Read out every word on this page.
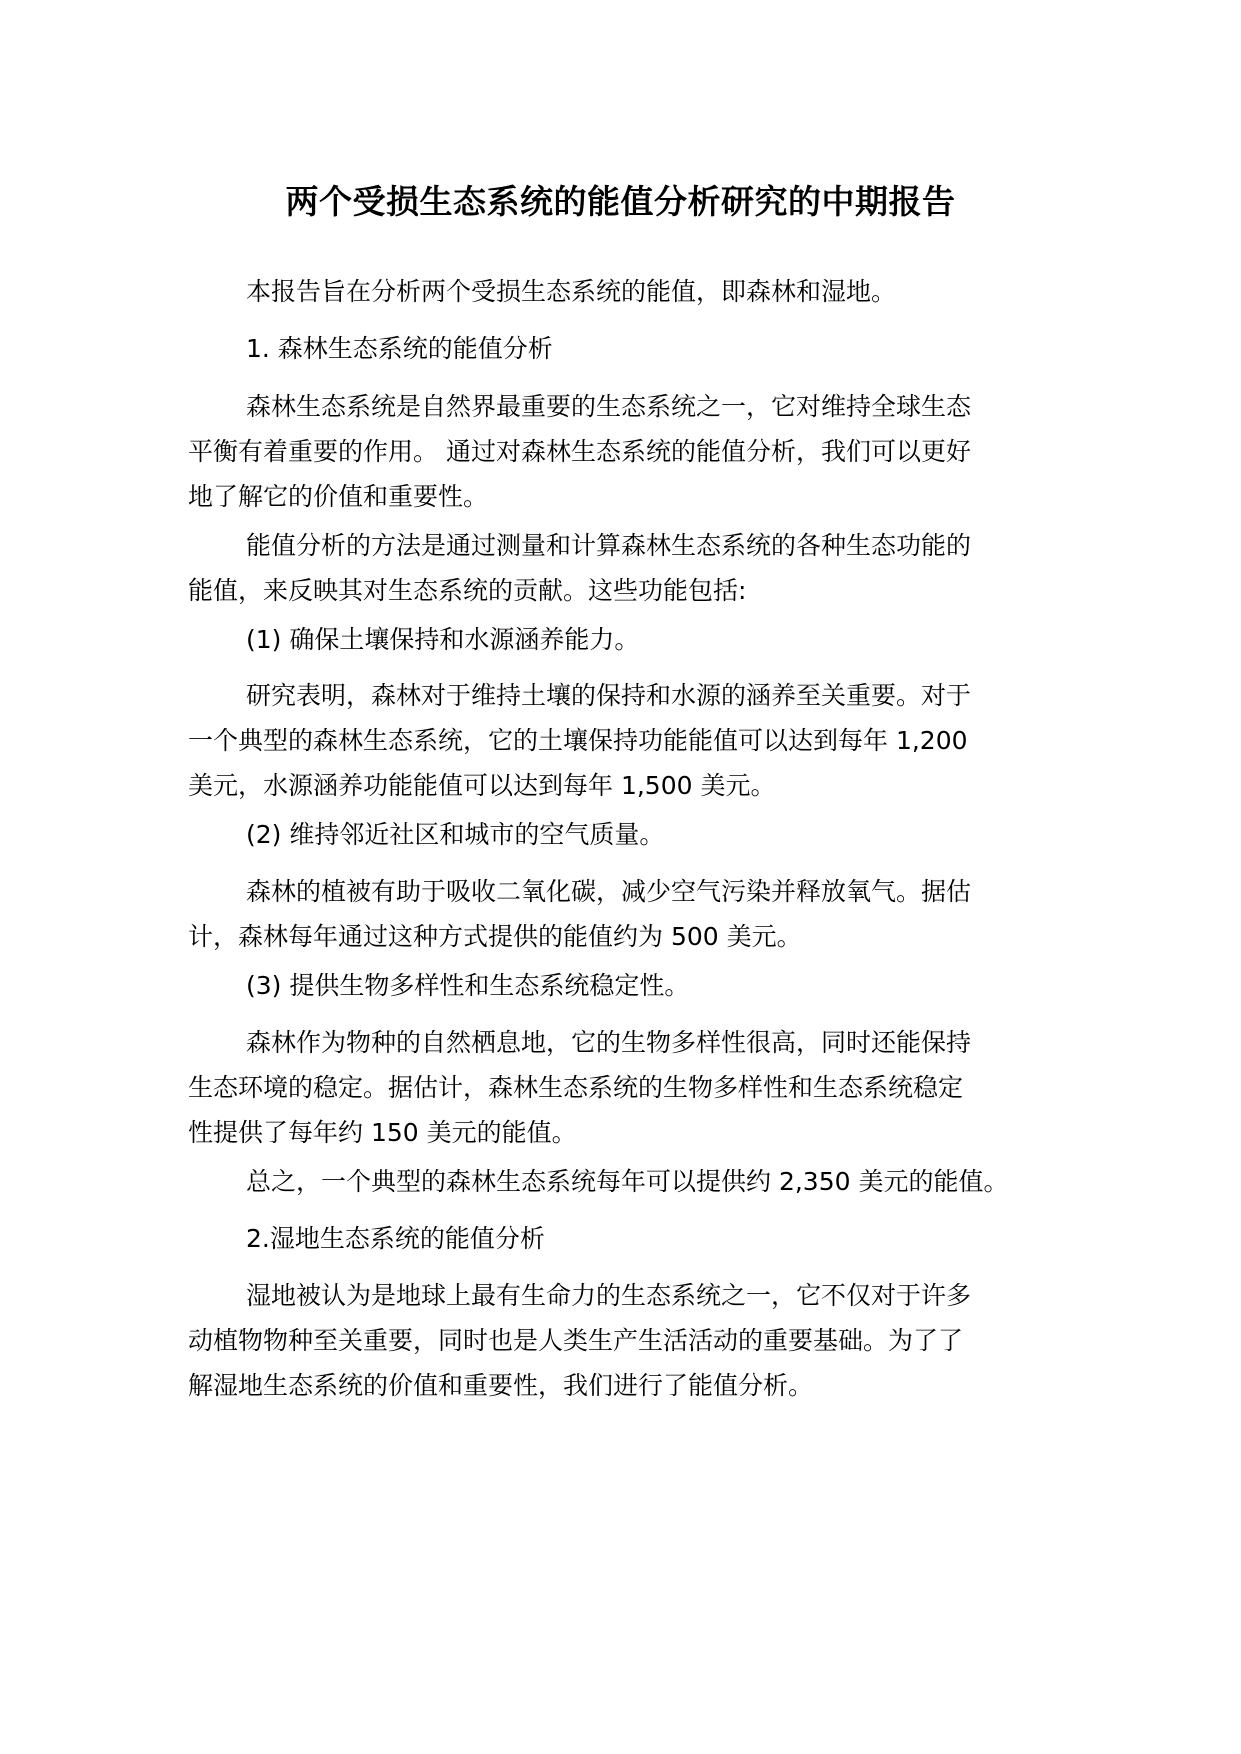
两个受损生态系统的能值分析研究的中期报告
本报告旨在分析两个受损生态系统的能值，即森林和湿地。
1. 森林生态系统的能值分析
森林生态系统是自然界最重要的生态系统之一，它对维持全球生态
平衡有着重要的作用。 通过对森林生态系统的能值分析，我们可以更好
地了解它的价值和重要性。
能值分析的方法是通过测量和计算森林生态系统的各种生态功能的
能值，来反映其对生态系统的贡献。这些功能包括:
(1) 确保土壤保持和水源涵养能力。
研究表明，森林对于维持土壤的保持和水源的涵养至关重要。对于
一个典型的森林生态系统，它的土壤保持功能能值可以达到每年 1,200
美元，水源涵养功能能值可以达到每年 1,500 美元。
(2) 维持邻近社区和城市的空气质量。
森林的植被有助于吸收二氧化碳，减少空气污染并释放氧气。据估
计，森林每年通过这种方式提供的能值约为 500 美元。
(3) 提供生物多样性和生态系统稳定性。
森林作为物种的自然栖息地，它的生物多样性很高，同时还能保持
生态环境的稳定。据估计，森林生态系统的生物多样性和生态系统稳定
性提供了每年约 150 美元的能值。
总之，一个典型的森林生态系统每年可以提供约 2,350 美元的能值。
2.湿地生态系统的能值分析
湿地被认为是地球上最有生命力的生态系统之一，它不仅对于许多
动植物物种至关重要，同时也是人类生产生活活动的重要基础。为了了
解湿地生态系统的价值和重要性，我们进行了能值分析。
